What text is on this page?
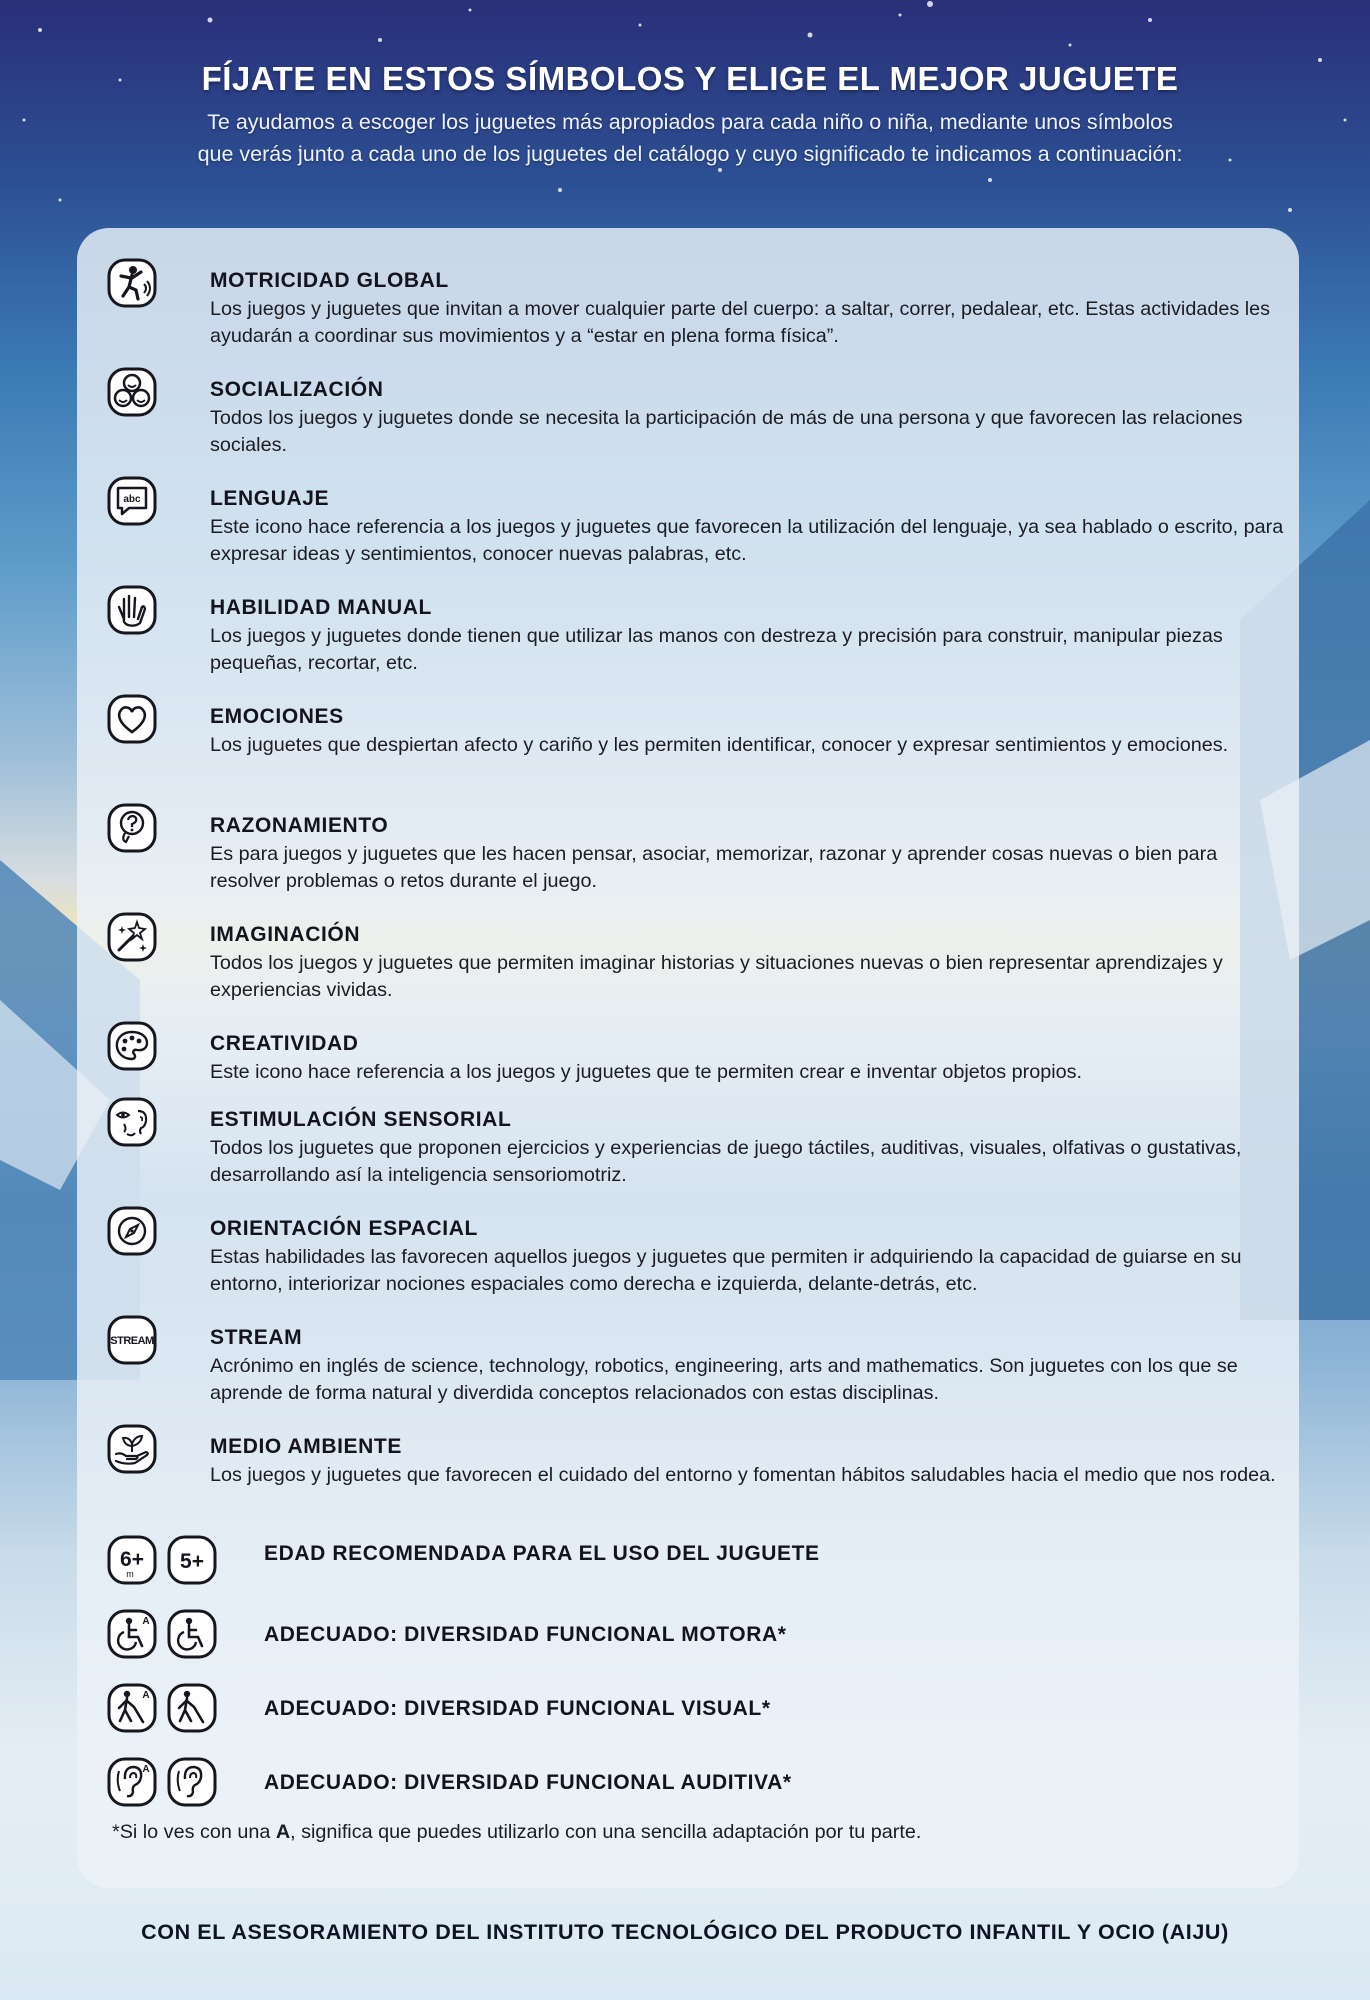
FÍJATE EN ESTOS SÍMBOLOS Y ELIGE EL MEJOR JUGUETE

Te ayudamos a escoger los juguetes más apropiados para cada niño o niña, mediante unos símbolos
que verás junto a cada uno de los juguetes del catálogo y cuyo significado te indicamos a continuación:

MOTRICIDAD GLOBAL

Los juegos y juguetes que invitan a mover cualquier parte del cuerpo: a saltar, correr, pedalear, etc. Estas actividades les ayudarán a coordinar sus movimientos y a “estar en plena forma física”.

SOCIALIZACIÓN

Todos los juegos y juguetes donde se necesita la participación de más de una persona y que favorecen las relaciones sociales.

abc	LENGUAJE

Este icono hace referencia a los juegos y juguetes que favorecen la utilización del lenguaje, ya sea hablado o escrito, para expresar ideas y sentimientos, conocer nuevas palabras, etc.

HABILIDAD MANUAL

Los juegos y juguetes donde tienen que utilizar las manos con destreza y precisión para construir, manipular piezas pequeñas, recortar, etc.

EMOCIONES

Los juguetes que despiertan afecto y cariño y les permiten identificar, conocer y expresar sentimientos y emociones.

RAZONAMIENTO

Es para juegos y juguetes que les hacen pensar, asociar, memorizar, razonar y aprender cosas nuevas o bien para resolver problemas o retos durante el juego.

IMAGINACIÓN

Todos los juegos y juguetes que permiten imaginar historias y situaciones nuevas o bien representar aprendizajes y experiencias vividas.

CREATIVIDAD

Este icono hace referencia a los juegos y juguetes que te permiten crear e inventar objetos propios.

ESTIMULACIÓN SENSORIAL

Todos los juguetes que proponen ejercicios y experiencias de juego táctiles, auditivas, visuales, olfativas o gustativas, desarrollando así la inteligencia sensoriomotriz.

ORIENTACIÓN ESPACIAL

Estas habilidades las favorecen aquellos juegos y juguetes que permiten ir adquiriendo la capacidad de guiarse en su entorno, interiorizar nociones espaciales como derecha e izquierda, delante-detrás, etc.

STREAM	STREAM

Acrónimo en inglés de science, technology, robotics, engineering, arts and mathematics. Son juguetes con los que se aprende de forma natural y diverdida conceptos relacionados con estas disciplinas.

MEDIO AMBIENTE

Los juegos y juguetes que favorecen el cuidado del entorno y fomentan hábitos saludables hacia el medio que nos rodea.

6+
m
5+	EDAD RECOMENDADA PARA EL USO DEL JUGUETE
A
ADECUADO: DIVERSIDAD FUNCIONAL MOTORA*
A
ADECUADO: DIVERSIDAD FUNCIONAL VISUAL*
A
ADECUADO: DIVERSIDAD FUNCIONAL AUDITIVA*
*Si lo ves con una A, significa que puedes utilizarlo con una sencilla adaptación por tu parte.
CON EL ASESORAMIENTO DEL INSTITUTO TECNOLÓGICO DEL PRODUCTO INFANTIL Y OCIO (AIJU)
